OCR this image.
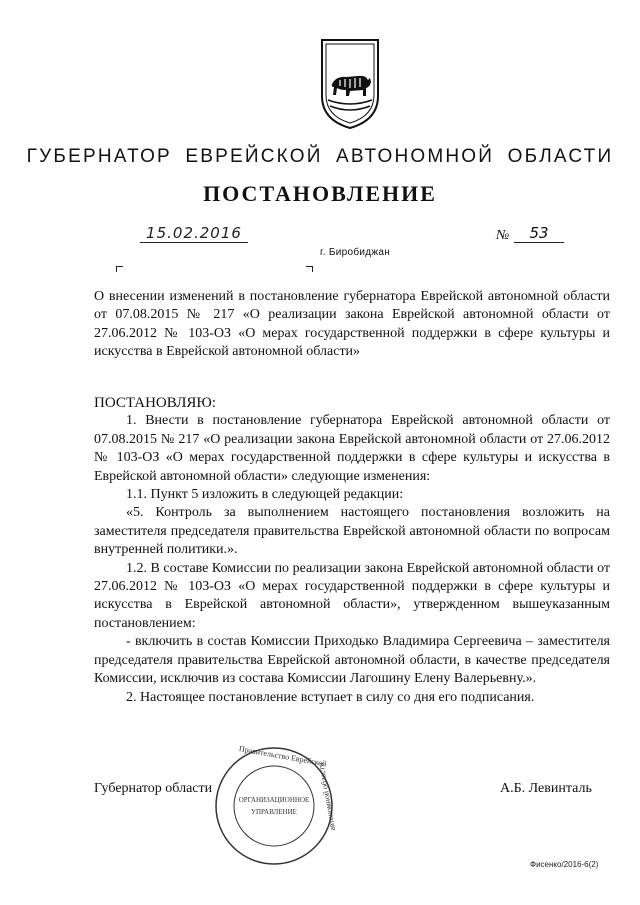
ГУБЕРНАТОР ЕВРЕЙСКОЙ АВТОНОМНОЙ ОБЛАСТИ
ПОСТАНОВЛЕНИЕ
15.02.2016	№	53
г. Биробиджан

О внесении изменений в постановление губернатора Еврейской автономной области от 07.08.2015 № 217 «О реализации закона Еврейской автономной области от 27.06.2012 № 103-ОЗ «О мерах государственной поддержки в сфере культуры и искусства в Еврейской автономной области»

ПОСТАНОВЛЯЮ:

1. Внести в постановление губернатора Еврейской автономной области от 07.08.2015 № 217 «О реализации закона Еврейской автономной области от 27.06.2012 № 103-ОЗ «О мерах государственной поддержки в сфере культуры и искусства в Еврейской автономной области» следующие изменения:

1.1. Пункт 5 изложить в следующей редакции:

«5. Контроль за выполнением настоящего постановления возложить на заместителя председателя правительства Еврейской автономной области по вопросам внутренней политики.».

1.2. В составе Комиссии по реализации закона Еврейской автономной области от 27.06.2012 № 103-ОЗ «О мерах государственной поддержки в сфере культуры и искусства в Еврейской автономной области», утвержденном вышеуказанным постановлением:

- включить в состав Комиссии Приходько Владимира Сергеевича – заместителя председателя правительства Еврейской автономной области, в качестве председателя Комиссии, исключив из состава Комиссии Лагошину Елену Валерьевну.».

2. Настоящее постановление вступает в силу со дня его подписания.

Правительство Еврейской
автономной области
ОРГАНИЗАЦИОННОЕ
УПРАВЛЕНИЕ
Губернатор области	А.Б. Левинталь
Фисенко/2016-6(2)
